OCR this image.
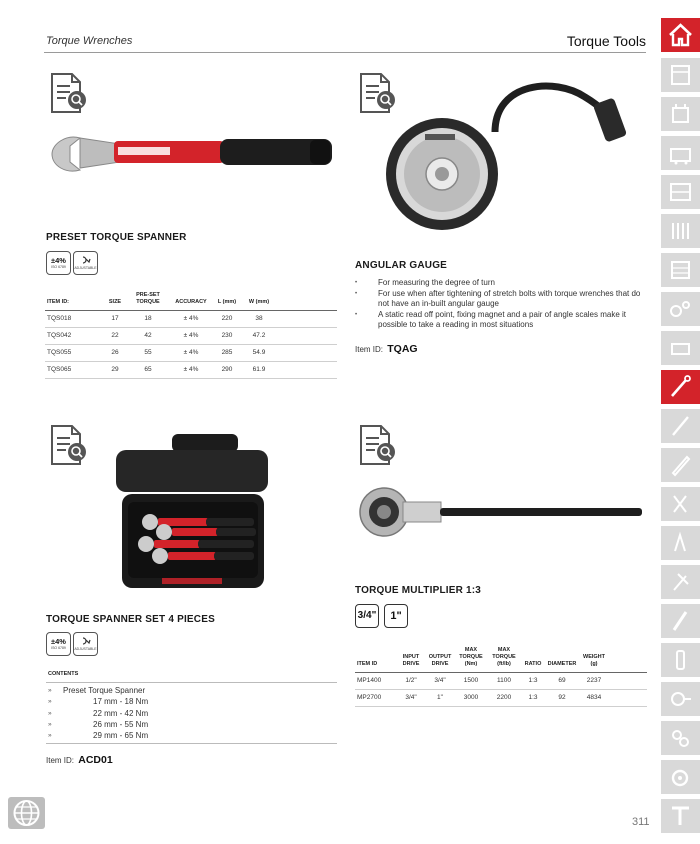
Torque Wrenches	Torque Tools
PRESET TORQUE SPANNER
±4%
ISO 6789	ADJUSTABLE
ITEM ID:	SIZE	PRE-SET TORQUE	ACCURACY	L (mm)	W (mm)	
TQS018	17	18	± 4%	220	38	
TQS042	22	42	± 4%	230	47.2	
TQS055	26	55	± 4%	285	54.9	
TQS065	29	65	± 4%	290	61.9	
ANGULAR GAUGE
• For measuring the degree of turn
• For use when after tightening of stretch bolts with torque wrenches that do not have an in-built angular gauge
• A static read off point, fixing magnet and a pair of angle scales make it possible to take a reading in most situations
Item ID: TQAG
TORQUE SPANNER SET 4 PIECES
±4%
ISO 6789	ADJUSTABLE
CONTENTS
» Preset Torque Spanner
»	17 mm - 18 Nm
»	22 mm - 42 Nm
»	26 mm - 55 Nm
»	29 mm - 65 Nm
Item ID: ACD01
TORQUE MULTIPLIER 1:3
3/4"	1"
ITEM ID	INPUT DRIVE	OUTPUT DRIVE	MAX TORQUE (Nm)	MAX TORQUE (ft/lb)	RATIO	DIAMETER	WEIGHT (g)	
MP1400	1/2"	3/4"	1500	1100	1:3	69	2237	
MP2700	3/4"	1"	3000	2200	1:3	92	4834	
311
